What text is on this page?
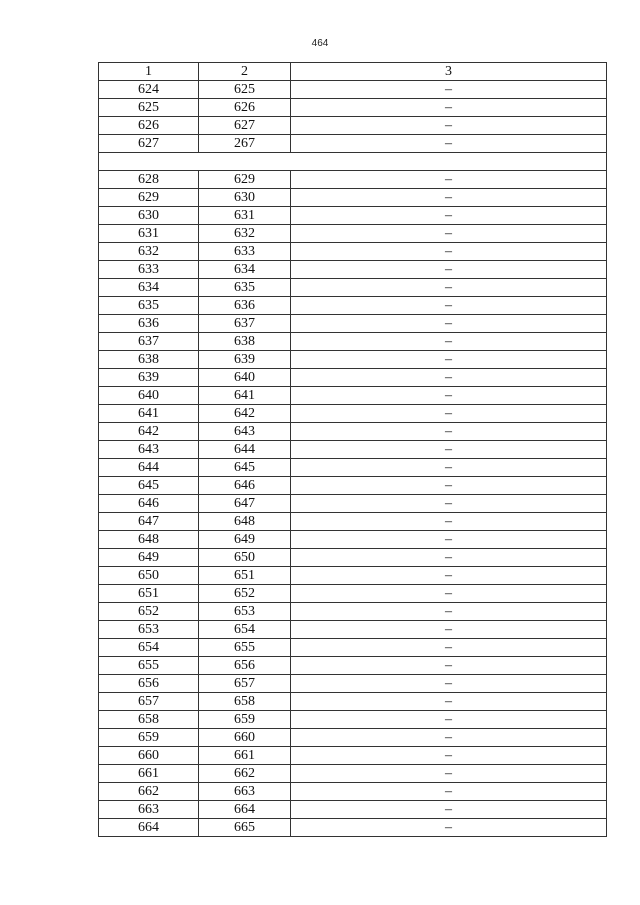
464
1	2	3
624	625	–
625	626	–
626	627	–
627	267	–

628	629	–
629	630	–
630	631	–
631	632	–
632	633	–
633	634	–
634	635	–
635	636	–
636	637	–
637	638	–
638	639	–
639	640	–
640	641	–
641	642	–
642	643	–
643	644	–
644	645	–
645	646	–
646	647	–
647	648	–
648	649	–
649	650	–
650	651	–
651	652	–
652	653	–
653	654	–
654	655	–
655	656	–
656	657	–
657	658	–
658	659	–
659	660	–
660	661	–
661	662	–
662	663	–
663	664	–
664	665	–
